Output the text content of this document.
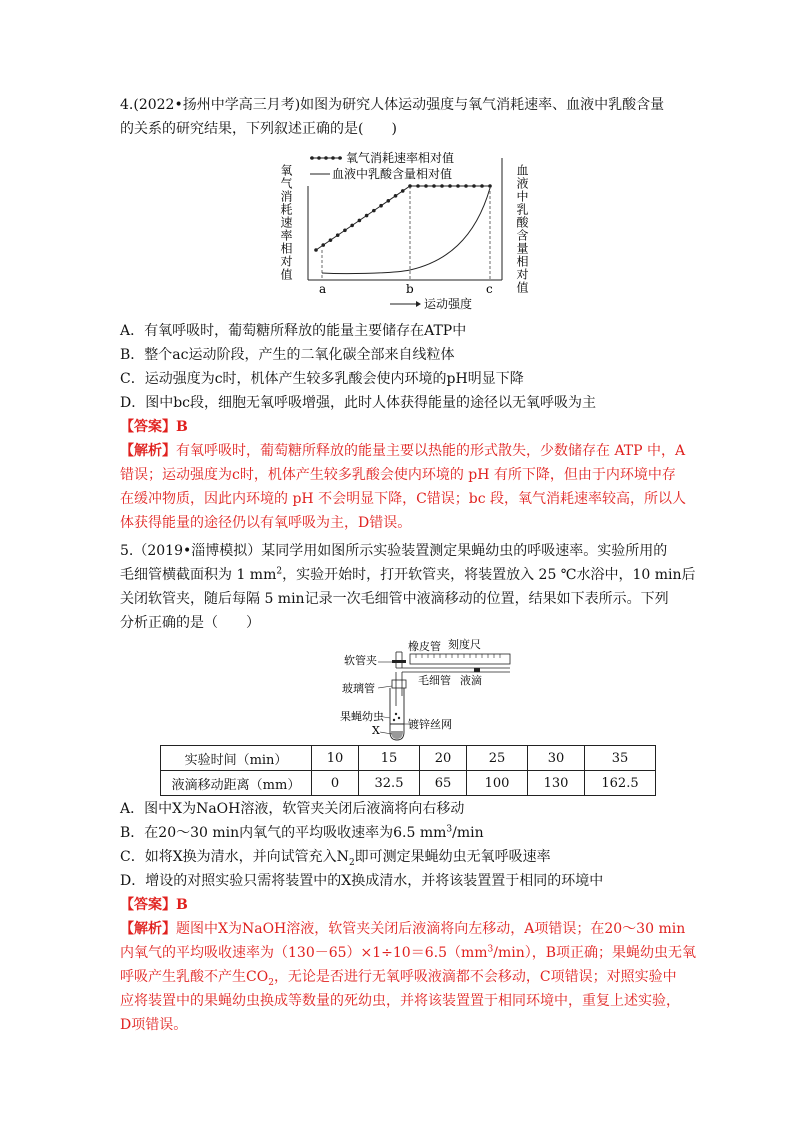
4.(2022•扬州中学高三月考)如图为研究人体运动强度与氧气消耗速率、血液中乳酸含量
的关系的研究结果，下列叙述正确的是(　　)
氧气消耗速率相对值	血液中乳酸含量相对值
氧气消耗速率相对值
血液中乳酸含量相对值
a	b	c
运动强度
A．有氧呼吸时，葡萄糖所释放的能量主要储存在ATP中
B．整个ac运动阶段，产生的二氧化碳全部来自线粒体
C．运动强度为c时，机体产生较多乳酸会使内环境的pH明显下降
D．图中bc段，细胞无氧呼吸增强，此时人体获得能量的途径以无氧呼吸为主
【答案】B
【解析】有氧呼吸时，葡萄糖所释放的能量主要以热能的形式散失，少数储存在 ATP 中，A
错误；运动强度为c时，机体产生较多乳酸会使内环境的 pH 有所下降，但由于内环境中存
在缓冲物质，因此内环境的 pH 不会明显下降，C错误；bc 段，氧气消耗速率较高，所以人
体获得能量的途径仍以有氧呼吸为主，D错误。
5.（2019•淄博模拟）某同学用如图所示实验装置测定果蝇幼虫的呼吸速率。实验所用的
毛细管横截面积为 1 $mm^2$，实验开始时，打开软管夹，将装置放入 25 ℃水浴中，10 min后
关闭软管夹，随后每隔 5 min记录一次毛细管中液滴移动的位置，结果如下表所示。下列
分析正确的是（　　）
橡皮管 刻度尺
软管夹
毛细管 液滴
玻璃管
果蝇幼虫
X	镀锌丝网
实验时间（min）	10	15	20	25	30	35
液滴移动距离（mm）	0	32.5	65	100	130	162.5
A．图中X为NaOH溶液，软管夹关闭后液滴将向右移动
B．在20～30 min内氧气的平均吸收速率为6.5 $mm^3/\min$
C．如将X换为清水，并向试管充入$N_2$即可测定果蝇幼虫无氧呼吸速率
D．增设的对照实验只需将装置中的X换成清水，并将该装置置于相同的环境中
【答案】B
【解析】题图中X为NaOH溶液，软管夹关闭后液滴将向左移动，A项错误；在20～30 min
内氧气的平均吸收速率为$(130-65)\times 1\div 10=6.5(mm^3/\min)$，B项正确；果蝇幼虫无氧
呼吸产生乳酸不产生$CO_2$，无论是否进行无氧呼吸液滴都不会移动，C项错误；对照实验中
应将装置中的果蝇幼虫换成等数量的死幼虫，并将该装置置于相同环境中，重复上述实验，
D项错误。
